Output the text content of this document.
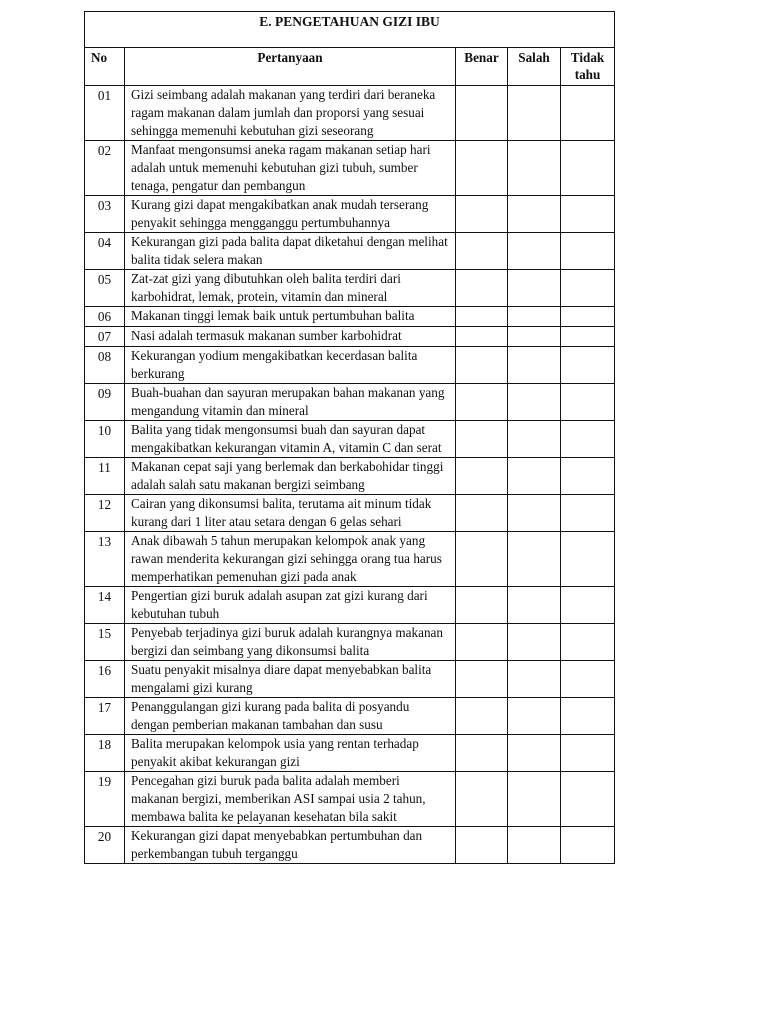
E. PENGETAHUAN GIZI IBU				
No	Pertanyaan	Benar	Salah	Tidak tahu
01	Gizi seimbang adalah makanan yang terdiri dari beraneka ragam makanan dalam jumlah dan proporsi yang sesuai sehingga memenuhi kebutuhan gizi seseorang			
02	Manfaat mengonsumsi aneka ragam makanan setiap hari adalah untuk memenuhi kebutuhan gizi tubuh, sumber tenaga, pengatur dan pembangun			
03	Kurang gizi dapat mengakibatkan anak mudah terserang penyakit sehingga mengganggu pertumbuhannya			
04	Kekurangan gizi pada balita dapat diketahui dengan melihat balita tidak selera makan			
05	Zat-zat gizi yang dibutuhkan oleh balita terdiri dari karbohidrat, lemak, protein, vitamin dan mineral			
06	Makanan tinggi lemak baik untuk pertumbuhan balita			
07	Nasi adalah termasuk makanan sumber karbohidrat			
08	Kekurangan yodium mengakibatkan kecerdasan balita berkurang			
09	Buah-buahan dan sayuran merupakan bahan makanan yang mengandung vitamin dan mineral			
10	Balita yang tidak mengonsumsi buah dan sayuran dapat mengakibatkan kekurangan vitamin A, vitamin C dan serat			
11	Makanan cepat saji yang berlemak dan berkabohidar tinggi adalah salah satu makanan bergizi seimbang			
12	Cairan yang dikonsumsi balita, terutama ait minum tidak kurang dari 1 liter atau setara dengan 6 gelas sehari			
13	Anak dibawah 5 tahun merupakan kelompok anak yang rawan menderita kekurangan gizi sehingga orang tua harus memperhatikan pemenuhan gizi pada anak			
14	Pengertian gizi buruk adalah asupan zat gizi kurang dari kebutuhan tubuh			
15	Penyebab terjadinya gizi buruk adalah kurangnya makanan bergizi dan seimbang yang dikonsumsi balita			
16	Suatu penyakit misalnya diare dapat menyebabkan balita mengalami gizi kurang			
17	Penanggulangan gizi kurang pada balita di posyandu dengan pemberian makanan tambahan dan susu			
18	Balita merupakan kelompok usia yang rentan terhadap penyakit akibat kekurangan gizi			
19	Pencegahan gizi buruk pada balita adalah memberi makanan bergizi, memberikan ASI sampai usia 2 tahun, membawa balita ke pelayanan kesehatan bila sakit			
20	Kekurangan gizi dapat menyebabkan pertumbuhan dan perkembangan tubuh terganggu			
